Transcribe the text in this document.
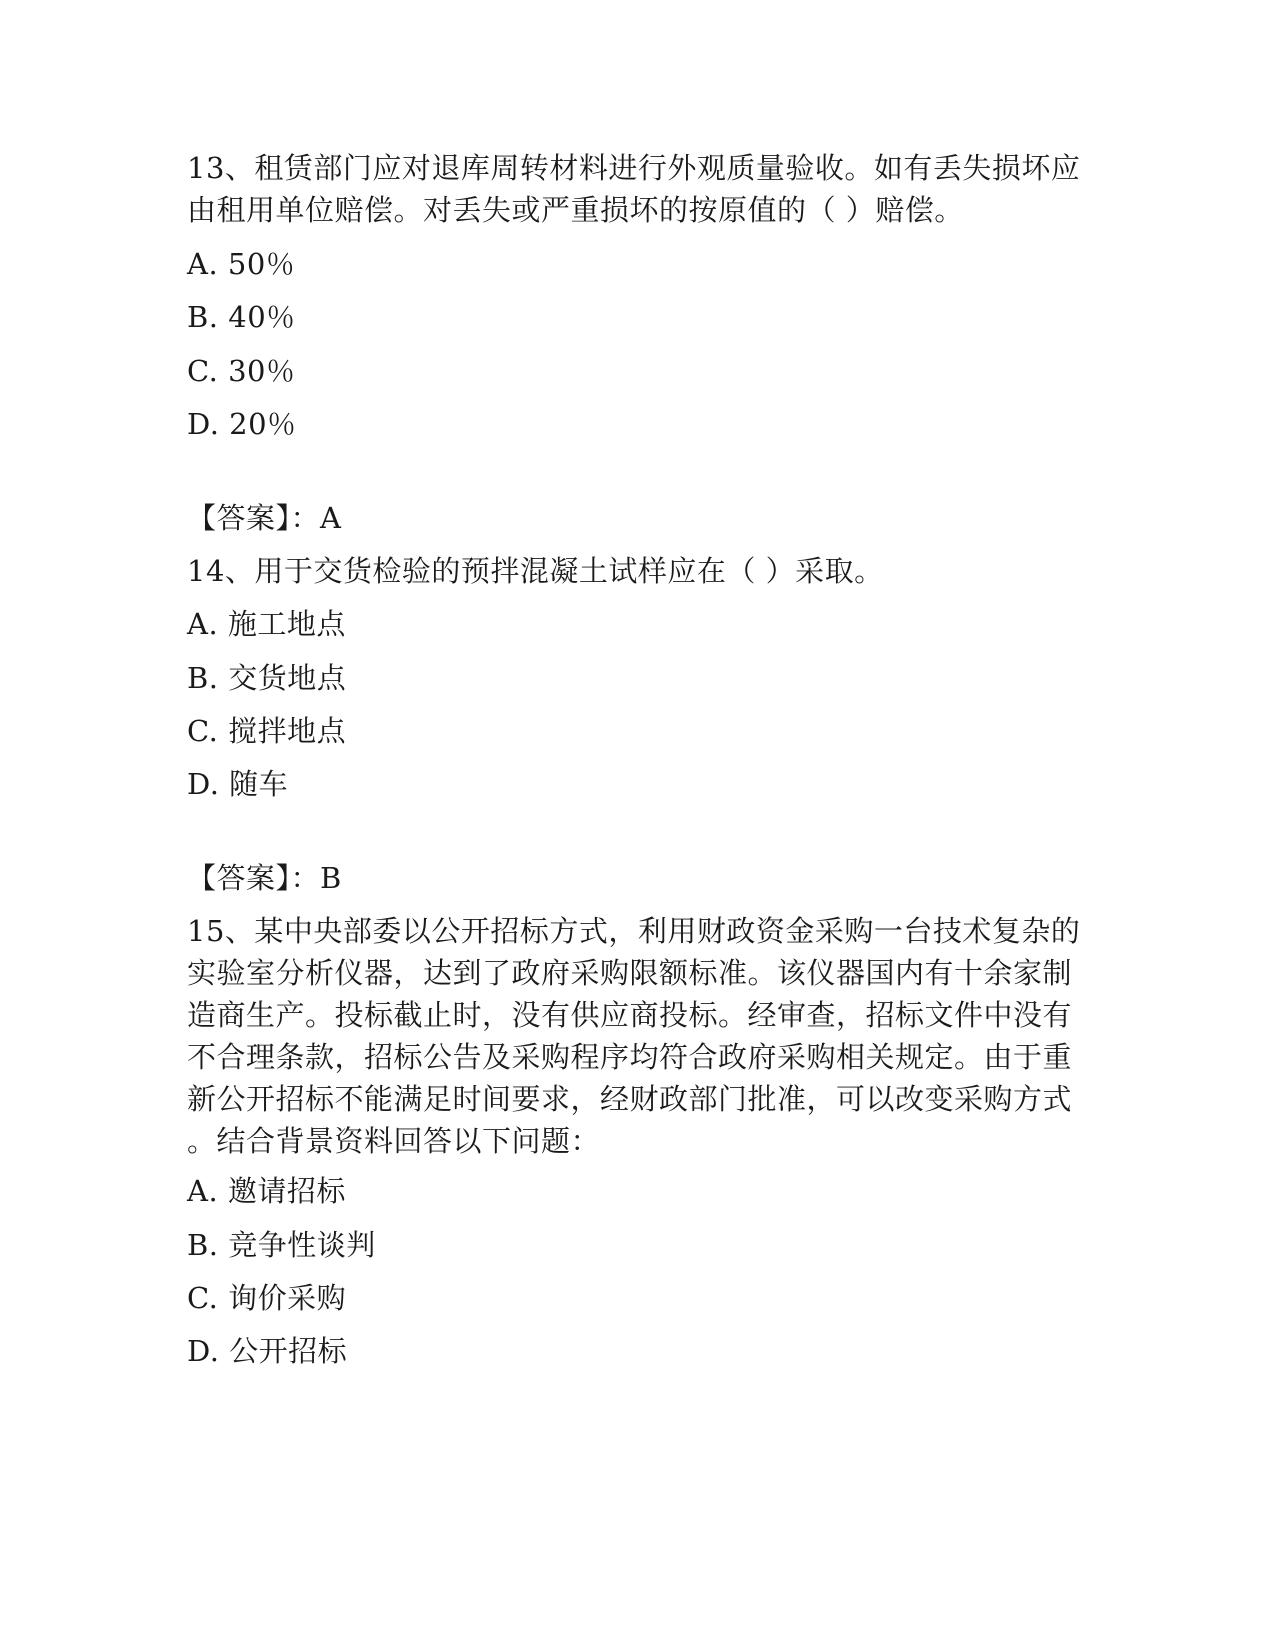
13、租赁部门应对退库周转材料进行外观质量验收。如有丢失损坏应
由租用单位赔偿。对丢失或严重损坏的按原值的（ ）赔偿。
A. 50％
B. 40％
C. 30％
D. 20％
【答案】：A
14、用于交货检验的预拌混凝土试样应在（ ）采取。
A. 施工地点
B. 交货地点
C. 搅拌地点
D. 随车
【答案】：B
15、某中央部委以公开招标方式，利用财政资金采购一台技术复杂的
实验室分析仪器，达到了政府采购限额标准。该仪器国内有十余家制
造商生产。投标截止时，没有供应商投标。经审查，招标文件中没有
不合理条款，招标公告及采购程序均符合政府采购相关规定。由于重
新公开招标不能满足时间要求，经财政部门批准，可以改变采购方式
。结合背景资料回答以下问题：
A. 邀请招标
B. 竞争性谈判
C. 询价采购
D. 公开招标
